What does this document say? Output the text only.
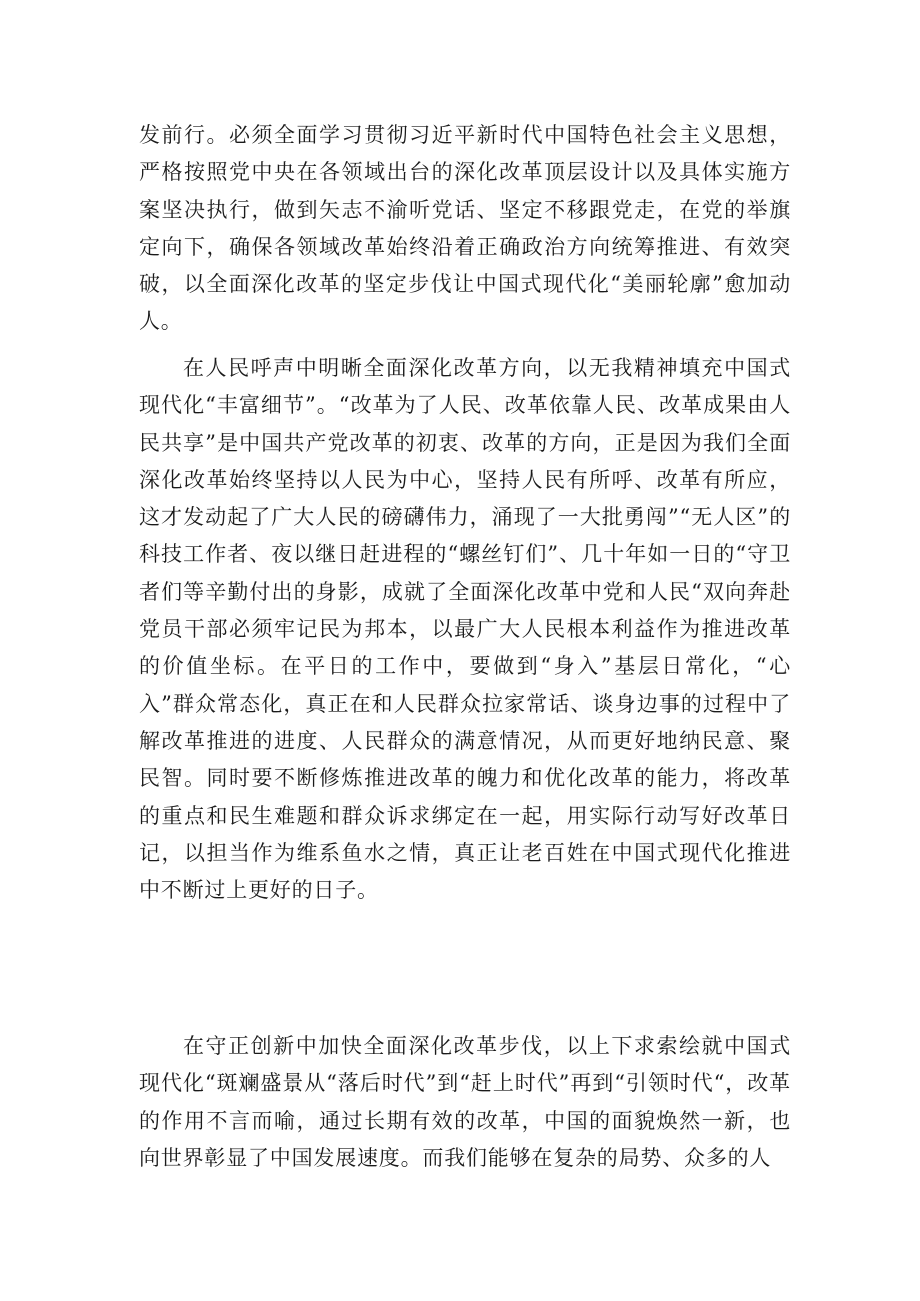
发前行。必须全面学习贯彻习近平新时代中国特色社会主义思想，严格按照党中央在各领域出台的深化改革顶层设计以及具体实施方案坚决执行，做到矢志不渝听党话、坚定不移跟党走，在党的举旗定向下，确保各领域改革始终沿着正确政治方向统筹推进、有效突破，以全面深化改革的坚定步伐让中国式现代化“美丽轮廓”愈加动人。

在人民呼声中明晰全面深化改革方向，以无我精神填充中国式现代化“丰富细节”。“改革为了人民、改革依靠人民、改革成果由人民共享”是中国共产党改革的初衷、改革的方向，正是因为我们全面深化改革始终坚持以人民为中心，坚持人民有所呼、改革有所应，这才发动起了广大人民的磅礴伟力，涌现了一大批勇闯”“无人区”的科技工作者、夜以继日赶进程的“螺丝钉们”、几十年如一日的“守卫者们等辛勤付出的身影，成就了全面深化改革中党和人民“双向奔赴党员干部必须牢记民为邦本，以最广大人民根本利益作为推进改革的价值坐标。在平日的工作中，要做到“身入”基层日常化，“心入”群众常态化，真正在和人民群众拉家常话、谈身边事的过程中了解改革推进的进度、人民群众的满意情况，从而更好地纳民意、聚民智。同时要不断修炼推进改革的魄力和优化改革的能力，将改革的重点和民生难题和群众诉求绑定在一起，用实际行动写好改革日记，以担当作为维系鱼水之情，真正让老百姓在中国式现代化推进中不断过上更好的日子。

在守正创新中加快全面深化改革步伐，以上下求索绘就中国式现代化“斑斓盛景从“落后时代”到“赶上时代”再到“引领时代“，改革的作用不言而喻，通过长期有效的改革，中国的面貌焕然一新，也向世界彰显了中国发展速度。而我们能够在复杂的局势、众多的人
